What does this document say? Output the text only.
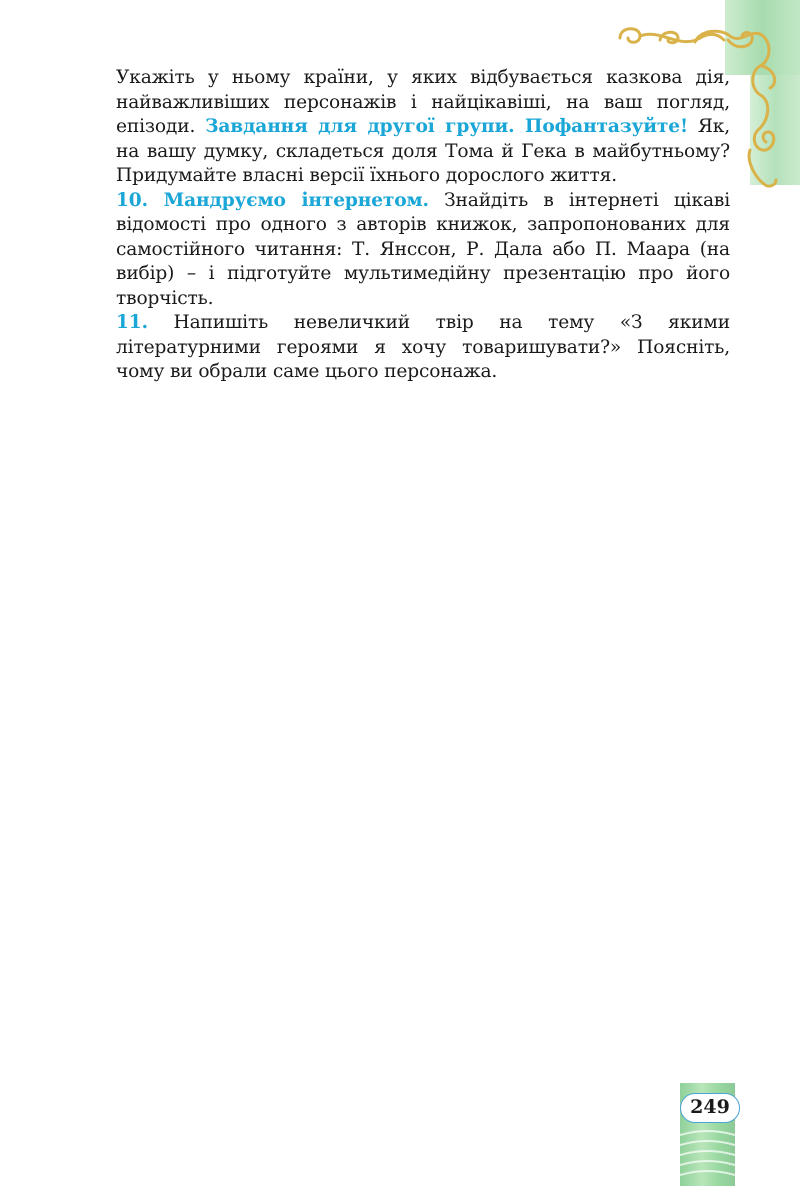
Укажіть у ньому країни, у яких відбувається казкова дія, найважливіших персонажів і найцікавіші, на ваш погляд, епізоди. Завдання для другої групи. Пофантазуйте! Як, на вашу думку, складеться доля Тома й Гека в майбутньому? Придумайте власні версії їхнього дорослого життя.

10. Мандруємо інтернетом. Знайдіть в інтернеті цікаві відомості про одного з авторів книжок, запропонованих для самостійного читання: Т. Янссон, Р. Дала або П. Маара (на вибір) – і підготуйте мультимедійну презентацію про його творчість.

11. Напишіть невеличкий твір на тему «З якими літературними героями я хочу товаришувати?» Поясніть, чому ви обрали саме цього персонажа.

249
